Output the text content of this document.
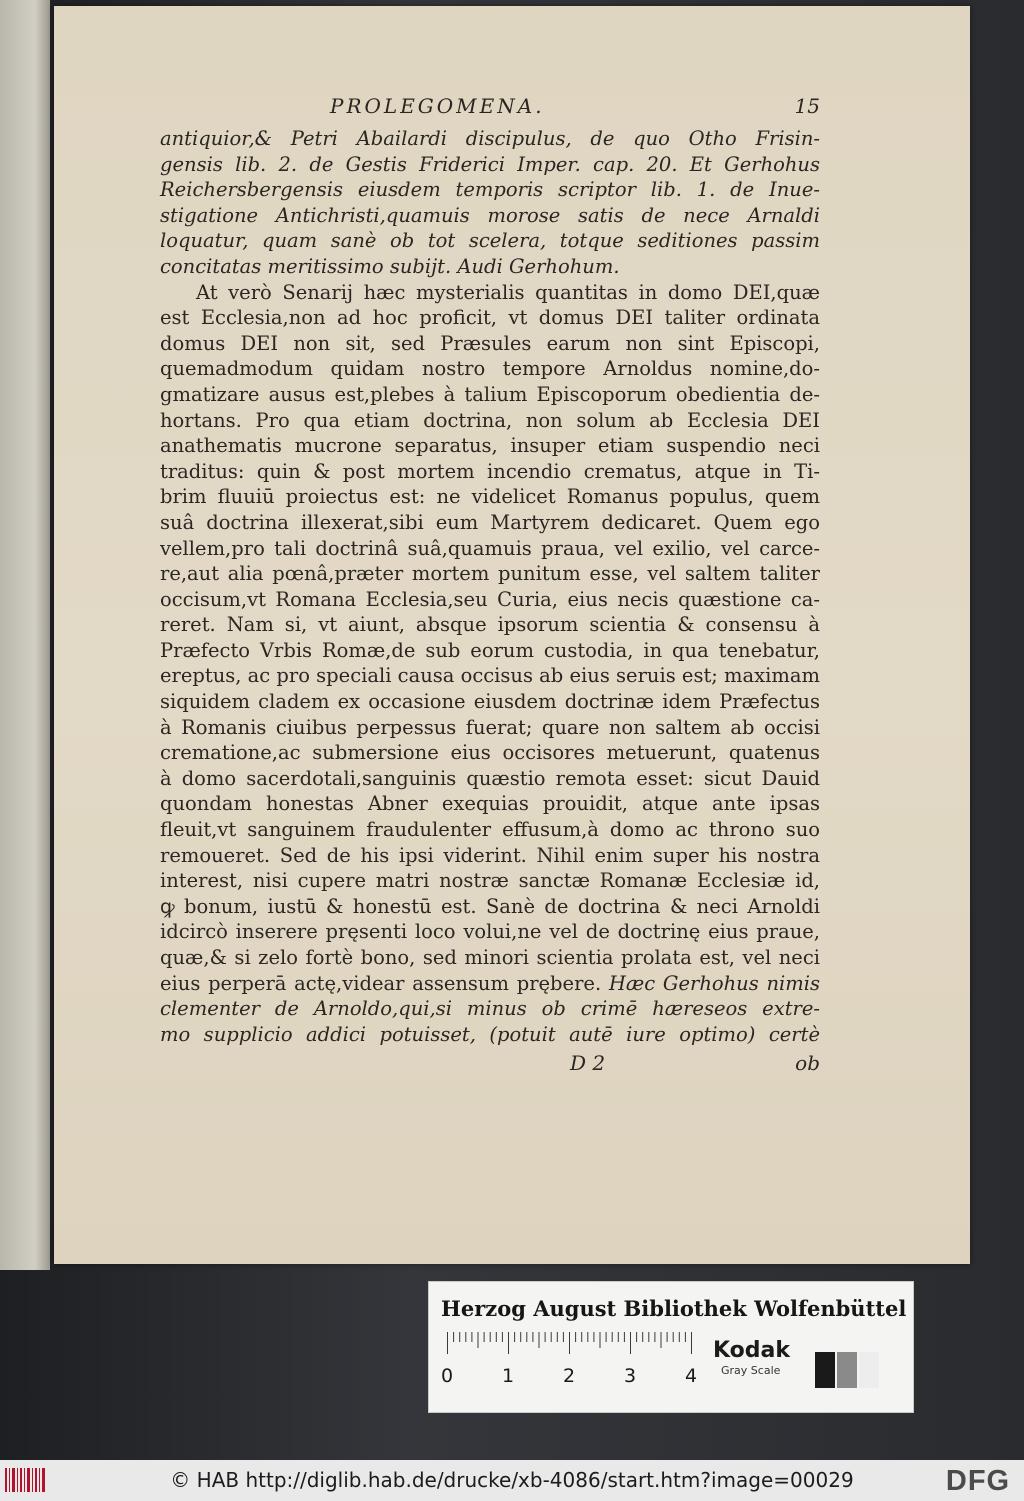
PROLEGOMENA.	15
antiquior,& Petri Abailardi discipulus, de quo Otho Frisin-
gensis lib. 2. de Gestis Friderici Imper. cap. 20. Et Gerhohus
Reichersbergensis eiusdem temporis scriptor lib. 1. de Inue-
stigatione Antichristi,quamuis morose satis de nece Arnaldi
loquatur, quam sanè ob tot scelera, totque seditiones passim
concitatas meritissimo subijt. Audi Gerhohum.
At verò Senarij hæc mysterialis quantitas in domo DEI,quæ
est Ecclesia,non ad hoc proficit, vt domus DEI taliter ordinata
domus DEI non sit, sed Præsules earum non sint Episcopi,
quemadmodum quidam nostro tempore Arnoldus nomine,do-
gmatizare ausus est,plebes à talium Episcoporum obedientia de-
hortans. Pro qua etiam doctrina, non solum ab Ecclesia DEI
anathematis mucrone separatus, insuper etiam suspendio neci
traditus: quin & post mortem incendio crematus, atque in Ti-
brim fluuiū proiectus est: ne videlicet Romanus populus, quem
suâ doctrina illexerat,sibi eum Martyrem dedicaret. Quem ego
vellem,pro tali doctrinâ suâ,quamuis praua, vel exilio, vel carce-
re,aut alia pœnâ,præter mortem punitum esse, vel saltem taliter
occisum,vt Romana Ecclesia,seu Curia, eius necis quæstione ca-
reret. Nam si, vt aiunt, absque ipsorum scientia & consensu à
Præfecto Vrbis Romæ,de sub eorum custodia, in qua tenebatur,
ereptus, ac pro speciali causa occisus ab eius seruis est; maximam
siquidem cladem ex occasione eiusdem doctrinæ idem Præfectus
à Romanis ciuibus perpessus fuerat; quare non saltem ab occisi
crematione,ac submersione eius occisores metuerunt, quatenus
à domo sacerdotali,sanguinis quæstio remota esset: sicut Dauid
quondam honestas Abner exequias prouidit, atque ante ipsas
fleuit,vt sanguinem fraudulenter effusum,à domo ac throno suo
remoueret. Sed de his ipsi viderint. Nihil enim super his nostra
interest, nisi cupere matri nostræ sanctæ Romanæ Ecclesiæ id,
ꝙ bonum, iustū & honestū est. Sanè de doctrina & neci Arnoldi
idcircò inserere pręsenti loco volui,ne vel de doctrinę eius praue,
quæ,& si zelo fortè bono, sed minori scientia prolata est, vel neci
eius perperā actę,videar assensum prębere. Hæc Gerhohus nimis
clementer de Arnoldo,qui,si minus ob crimē hæreseos extre-
mo supplicio addici potuisset, (potuit autē iure optimo) certè
D 2	ob
Herzog August Bibliothek Wolfenbüttel
0	1	2	3	4
Kodak
Gray Scale
© HAB http://diglib.hab.de/drucke/xb-4086/start.htm?image=00029	DFG
